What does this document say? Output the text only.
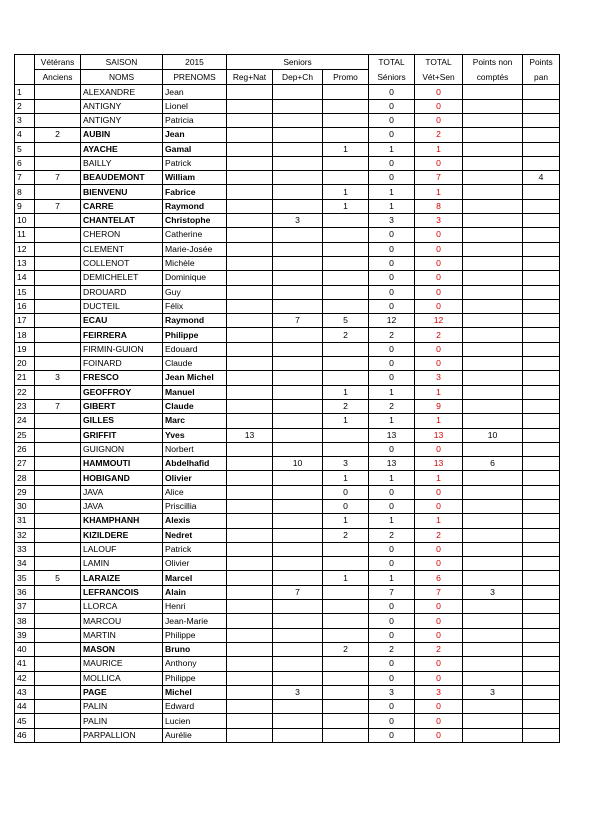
	Vétérans	SAISON	2015	Seniors			TOTAL	TOTAL	Points non	Points
	Anciens	NOMS	PRENOMS	Reg+Nat	Dep+Ch	Promo	Séniors	Vét+Sen	comptés	pan
1		ALEXANDRE	Jean				0	0		
2		ANTIGNY	Lionel				0	0		
3		ANTIGNY	Patricia				0	0		
4	2	AUBIN	Jean				0	2		
5		AYACHE	Gamal			1	1	1		
6		BAILLY	Patrick				0	0		
7	7	BEAUDEMONT	William				0	7		4
8		BIENVENU	Fabrice			1	1	1		
9	7	CARRE	Raymond			1	1	8		
10		CHANTELAT	Christophe		3		3	3		
11		CHERON	Catherine				0	0		
12		CLEMENT	Marie-Josée				0	0		
13		COLLENOT	Michèle				0	0		
14		DEMICHELET	Dominique				0	0		
15		DROUARD	Guy				0	0		
16		DUCTEIL	Félix				0	0		
17		ECAU	Raymond		7	5	12	12		
18		FEIRRERA	Philippe			2	2	2		
19		FIRMIN-GUION	Edouard				0	0		
20		FOINARD	Claude				0	0		
21	3	FRESCO	Jean Michel				0	3		
22		GEOFFROY	Manuel			1	1	1		
23	7	GIBERT	Claude			2	2	9		
24		GILLES	Marc			1	1	1		
25		GRIFFIT	Yves	13			13	13	10	
26		GUIGNON	Norbert				0	0		
27		HAMMOUTI	Abdelhafid		10	3	13	13	6	
28		HOBIGAND	Olivier			1	1	1		
29		JAVA	Alice			0	0	0		
30		JAVA	Priscillia			0	0	0		
31		KHAMPHANH	Alexis			1	1	1		
32		KIZILDERE	Nedret			2	2	2		
33		LALOUF	Patrick				0	0		
34		LAMIN	Olivier				0	0		
35	5	LARAIZE	Marcel			1	1	6		
36		LEFRANCOIS	Alain		7		7	7	3	
37		LLORCA	Henri				0	0		
38		MARCOU	Jean-Marie				0	0		
39		MARTIN	Philippe				0	0		
40		MASON	Bruno			2	2	2		
41		MAURICE	Anthony				0	0		
42		MOLLICA	Philippe				0	0		
43		PAGE	Michel		3		3	3	3	
44		PALIN	Edward				0	0		
45		PALIN	Lucien				0	0		
46		PARPALLION	Aurélie				0	0		
